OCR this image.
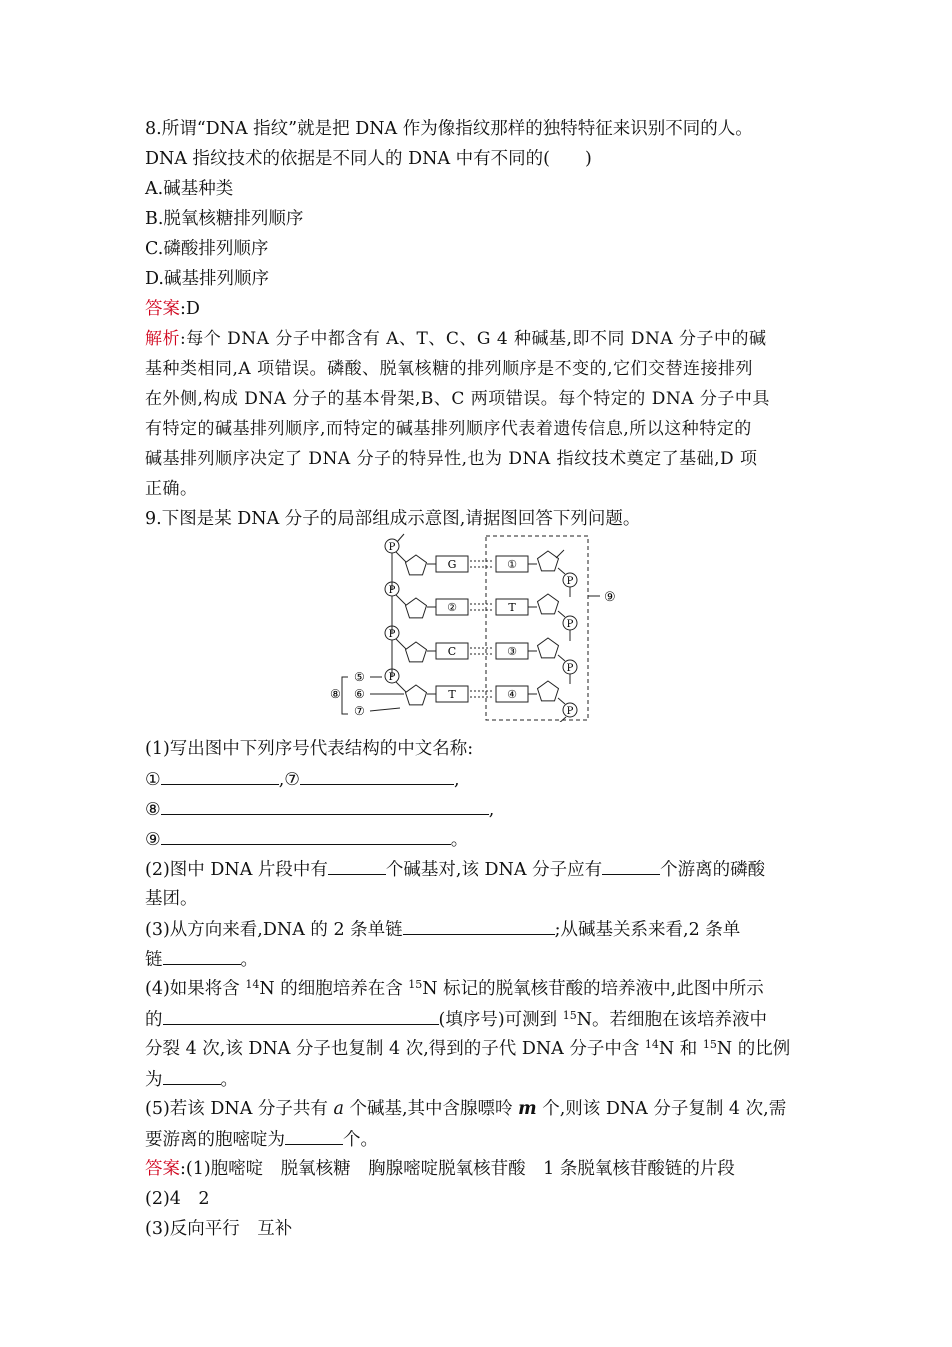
8.所谓“DNA 指纹”就是把 DNA 作为像指纹那样的独特特征来识别不同的人。
DNA 指纹技术的依据是不同人的 DNA 中有不同的(　　)
A.碱基种类
B.脱氧核糖排列顺序
C.磷酸排列顺序
D.碱基排列顺序
答案:D
解析:每个 DNA 分子中都含有 A、T、C、G 4 种碱基,即不同 DNA 分子中的碱
基种类相同,A 项错误。磷酸、脱氧核糖的排列顺序是不变的,它们交替连接排列
在外侧,构成 DNA 分子的基本骨架,B、C 两项错误。每个特定的 DNA 分子中具
有特定的碱基排列顺序,而特定的碱基排列顺序代表着遗传信息,所以这种特定的
碱基排列顺序决定了 DNA 分子的特异性,也为 DNA 指纹技术奠定了基础,D 项
正确。
9.下图是某 DNA 分子的局部组成示意图,请据图回答下列问题。
(1)写出图中下列序号代表结构的中文名称:
①	,⑦	,
⑧	,
⑨	。
(2)图中 DNA 片段中有	个碱基对,该 DNA 分子应有	个游离的磷酸
基团。
(3)从方向来看,DNA 的 2 条单链	;从碱基关系来看,2 条单
链	。
(4)如果将含 $^{14}$N 的细胞培养在含 $^{15}$N 标记的脱氧核苷酸的培养液中,此图中所示
的	(填序号)可测到 $^{15}$N。若细胞在该培养液中
分裂 4 次,该 DNA 分子也复制 4 次,得到的子代 DNA 分子中含 $^{14}$N 和 $^{15}$N 的比例
为	。
(5)若该 DNA 分子共有 a 个碱基,其中含腺嘌呤 m 个,则该 DNA 分子复制 4 次,需
要游离的胞嘧啶为	个。
答案:(1)胞嘧啶　脱氧核糖　胸腺嘧啶脱氧核苷酸　1 条脱氧核苷酸链的片段
(2)4　2
(3)反向平行　互补
⑨
P
G	①
P
P
②	T
P
P
C	③
P
P
T	④
P
⑤
⑥
⑦
⑧
